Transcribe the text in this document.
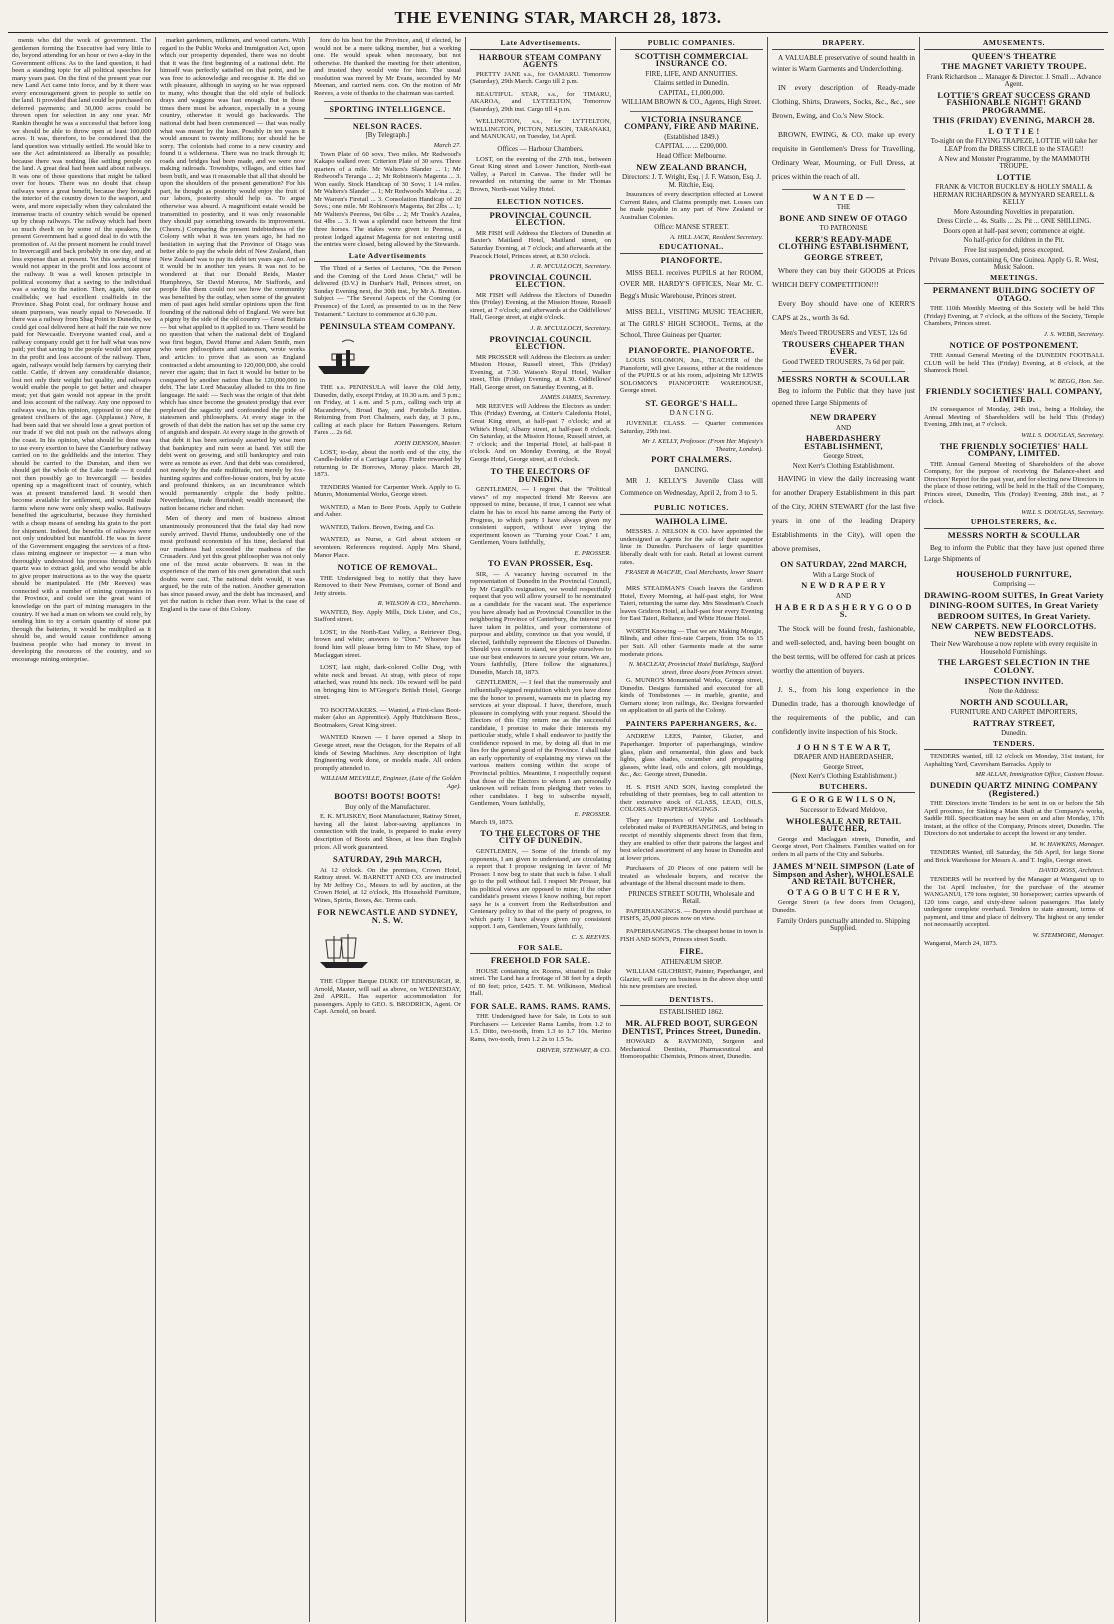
THE EVENING STAR, MARCH 28, 1873.

ments who did the work of government. The gentlemen forming the Executive had very little to do, beyond attending for an hour or two a-day in the Government offices. As to the land question, it had been a standing topic for all political speeches for many years past. On the first of the present year our new Land Act came into force, and by it there was every encouragement given to people to settle on the land. It provided that land could be purchased on deferred payments; and 30,000 acres could be thrown open for selection in any one year. Mr Rankin thought he was a successful that before long we should be able to throw open at least 100,000 acres. It was, therefore, to be considered that the land question was virtually settled. He would like to see the Act administered as liberally as possible; because there was nothing like settling people on the land. A great deal had been said about railways. It was one of those questions that might be talked over for hours. There was no doubt that cheap railways were a great benefit, because they brought the interior of the country down to the seaport, and were, and more especially when they calculated the immense tracts of country which would be opened up by cheap railways. The railway which had been so much dwelt on by some of the speakers, the present Government had a good deal to do with the promotion of. At the present moment he could travel to Invercargill and back probably in one day, and at less expense than at present. Yet this saving of time would not appear in the profit and loss account of the railway. It was a well known principle in political economy that a saving to the individual was a saving to the nation. Then, again, take our coalfields; we had excellent coalfields in the Province. Shag Point coal, for ordinary house and steam purposes, was nearly equal to Newcastle. If there was a railway from Shag Point to Dunedin, we could get coal delivered here at half the rate we now paid for Newcastle. Everyone wanted coal, and a railway company could get it for half what was now paid; yet that saving to the people would not appear in the profit and loss account of the railway. Then, again, railways would help farmers by carrying their cattle. Cattle, if driven any considerable distance, lost not only their weight but quality, and railways would enable the people to get better and cheaper meat; yet that gain would not appear in the profit and loss account of the railway. Any one opposed to railways was, in his opinion, opposed to one of the greatest civilisers of the age. (Applause.) Now, it had been said that we should lose a great portion of our trade if we did not push on the railways along the coast. In his opinion, what should be done was to use every exertion to have the Canterbury railway carried on to the goldfields and the interior. They should be carried to the Dunstan, and then we should get the whole of the Lake trade — it could not then possibly go to Invercargill — besides opening up a magnificent tract of country, which was at present transferred land. It would then become available for settlement, and would make farms where now were only sheep walks. Railways benefited the agriculturist, because they furnished with a cheap means of sending his grain to the port for shipment. Indeed, the benefits of railways were not only undoubted but manifold. He was in favor of the Government engaging the services of a first-class mining engineer or inspector — a man who thoroughly understood his process through which quartz was to extract gold, and who would be able to give proper instructions as to the way the quartz should be manipulated. He (Mr Reeves) was connected with a number of mining companies in the Province, and could see the great want of knowledge on the part of mining managers in the country. If we had a man on whom we could rely, by sending him to try a certain quantity of stone put through the batteries, it would be multiplied as it should be, and would cause confidence among business people who had money to invest in developing the resources of the country, and so encourage mining enterprise.

market gardeners, milkmen, and wood carters. With regard to the Public Works and Immigration Act, upon which our prosperity depended, there was no doubt that it was the first beginning of a national debt. He himself was perfectly satisfied on that point, and he was free to acknowledge and recognise it. He did so with pleasure, although in saying so he was opposed to many, who thought that the old style of bullock drays and waggons was fast enough. But in those times there must be advance, especially in a young country, otherwise it would go backwards. The national debt had been commenced — that was really what was meant by the loan. Possibly in ten years it would amount to twenty millions; nor should he be sorry. The colonists had come to a new country and found it a wilderness. There was no track through it; roads and bridges had been made, and we were now making railroads. Townships, villages, and cities had been built, and was it reasonable that all that should be upon the shoulders of the present generation? For his part, he thought as posterity would enjoy the fruit of our labors, posterity should help us. To argue otherwise was absurd. A magnificent estate would be transmitted to posterity, and it was only reasonable they should pay something towards its improvement. (Cheers.) Comparing the present indebtedness of the Colony with what it was ten years ago, he had no hesitation in saying that the Province of Otago was better able to pay the whole debt of New Zealand, than New Zealand was to pay its debt ten years ago. And so it would be in another ten years. It was not to be wondered at that our Donald Reids, Master Humphreys, Sir David Monros, Mr Staffords, and people like them could not see how the community was benefited by the outlay, when some of the greatest men of past ages held similar opinions upon the first founding of the national debt of England. We were but a pigmy by the side of the old country — Great Britain — but what applied to it applied to us. There would be no question that when the national debt of England was first begun, David Hume and Adam Smith, men who were philosophers and statesmen, wrote works and articles to prove that as soon as England contracted a debt amounting to 120,000,000, she could never rise again; that in fact it would be better to be conquered by another nation than be 120,000,000 in debt. The late Lord Macaulay alluded to this in fine language. He said: — Such was the origin of that debt which has since become the greatest prodigy that ever perplexed the sagacity and confounded the pride of statesmen and philosophers. At every stage in the growth of that debt the nation has set up the same cry of anguish and despair. At every stage in the growth of that debt it has been seriously asserted by wise men that bankruptcy and ruin were at hand. Yet still the debt went on growing, and still bankruptcy and ruin were as remote as ever. And that debt was considered, not merely by the rude multitude, not merely by fox-hunting squires and coffee-house orators, but by acute and profound thinkers, as an incumbrance which would permanently cripple the body politic. Nevertheless, trade flourished; wealth increased; the nation became richer and richer.

Men of theory and men of business almost unanimously pronounced that the fatal day had now surely arrived. David Hume, undoubtedly one of the most profound economists of his time, declared that our madness had exceeded the madness of the Crusaders. And yet this great philosopher was not only one of the most acute observers. It was in the experience of the men of his own generation that such doubts were cast. The national debt would, it was argued, be the ruin of the nation. Another generation has since passed away, and the debt has increased, and yet the nation is richer than ever. What is the case of England is the case of this Colony.

fore do his best for the Province, and, if elected, he would not be a mere talking member, but a working one. He would speak when necessary, but not otherwise. He thanked the meeting for their attention, and trusted they would vote for him. The usual resolution was moved by Mr Evans, seconded by Mr Meenan, and carried nem. con. On the motion of Mr Reeves, a vote of thanks to the chairman was carried.

SPORTING INTELLIGENCE.
NELSON RACES.
[By Telegraph.]
March 27.

Town Plate of 60 sovs. Two miles. Mr Redwood's Kakapo walked over. Criterion Plate of 30 sovs. Three quarters of a mile. Mr Walters's Slander ... 1; Mr Redwood's Teranga ... 2; Mr Robinson's Magenta ... 3. Won easily. Stock Handicap of 30 Sovs; 1 1/4 miles. Mr Walters's Slander ... 1; Mr Redwood's Malvina ... 2; Mr Warren's Firetail ... 3. Consolation Handicap of 20 Sovs.; one mile. Mr Robinson's Magenta, 8st 2lbs ... 1; Mr Walters's Peeress, 9st 6lbs ... 2; Mr Trask's Azalea, 6st 4lbs ... 3. It was a splendid race between the first three horses. The stakes were given to Peeress, a protest lodged against Magenta for not entering until the entries were closed, being allowed by the Stewards.

Late Advertisements

The Third of a Series of Lectures, "On the Person and the Coming of the Lord Jesus Christ," will be delivered (D.V.) in Dunbar's Hall, Princes street, on Sunday Evening next, the 30th inst., by Mr A. Brenton. Subject — "The Several Aspects of the Coming (or Presence) of the Lord, as presented to us in the New Testament." Lecture to commence at 6.30 p.m.

PENINSULA STEAM COMPANY.

THE s.s. PENINSULA will leave the Old Jetty, Dunedin, daily, except Friday, at 10.30 a.m. and 3 p.m.; on Friday, at 1 a.m. and 5 p.m., calling each trip at Macandrew's, Broad Bay, and Portobello Jetties. Returning from Port Chalmers, each day, at 3 p.m., calling at each place for Return Passengers. Return Fares ... 2s 6d.

JOHN DENSON, Master.

LOST, to-day, about the north end of the city, the Candle-holder of a Carriage Lamp. Finder rewarded by returning to Dr Borrows, Moray place. March 28, 1873.

TENDERS Wanted for Carpenter Work. Apply to G. Munro, Monumental Works, George street.

WANTED, a Man to Bore Posts. Apply to Guthrie and Asher.

WANTED, Tailors. Brown, Ewing, and Co.

WANTED, as Nurse, a Girl about sixteen or seventeen. References required. Apply Mrs Shand, Manor Place.

NOTICE OF REMOVAL.

THE Undersigned beg to notify that they have Removed to their New Premises, corner of Bond and Jetty streets.

R. WILSON & CO., Merchants.

WANTED, Boy. Apply Mills, Dick Lister, and Co., Stafford street.

LOST, in the North-East Valley, a Retriever Dog, brown and white; answers to "Don." Whoever has found him will please bring him to Mr Shaw, top of Maclaggan street.

LOST, last night, dark-colored Collie Dog, with white neck and breast. At strap, with piece of rope attached, was round his neck. 10s reward will be paid on bringing him to M'Gregor's British Hotel, George street.

TO BOOTMAKERS. — Wanted, a First-class Boot-maker (also an Apprentice). Apply Hutchinson Bros., Bootmakers, Great King street.

WANTED Known — I have opened a Shop in George street, near the Octagon, for the Repairs of all kinds of Sewing Machines. Any description of light Engineering work done, or models made. All orders promptly attended to.

WILLIAM MELVILLE, Engineer, (Late of the Golden Age).
BOOTS! BOOTS! BOOTS!
Buy only of the Manufacturer.

E. K. M'LISKEY, Boot Manufacturer, Rattray Street, having all the latest labor-saving appliances in connection with the trade, is prepared to make every description of Boots and Shoes, at less than English prices. All work guaranteed.

SATURDAY, 29th MARCH,

At 12 o'clock. On the premises, Crown Hotel, Rattray street. W. BARNETT AND CO. are instructed by Mr Jeffrey Co., Messrs to sell by auction, at the Crown Hotel, at 12 o'clock, His Household Furniture, Wines, Spirits, Boxes, &c. Terms cash.

FOR NEWCASTLE AND SYDNEY, N. S. W.

THE Clipper Barque DUKE OF EDINBURGH, R. Arnold, Master, will sail as above, on WEDNESDAY, 2nd APRIL. Has superior accommodation for passengers. Apply to GEO. S. BRODRICK, Agent. Or Capt. Arnold, on board.

Late Advertisements.
HARBOUR STEAM COMPANY AGENTS

PRETTY JANE s.s., for OAMARU. Tomorrow (Saturday), 29th March. Cargo till 2 p.m.

BEAUTIFUL STAR, s.s., for TIMARU, AKAROA, and LYTTELTON, Tomorrow (Saturday), 29th inst. Cargo till 4 p.m.

WELLINGTON, s.s., for LYTTELTON, WELLINGTON, PICTON, NELSON, TARANAKI, and MANUKAU, on Tuesday, 1st April.

Offices — Harbour Chambers.

LOST, on the evening of the 27th inst., between Great King street and Lower Junction, North-east Valley, a Parcel in Canvas. The finder will be rewarded on returning the same to Mr Thomas Brown, North-east Valley Hotel.

ELECTION NOTICES.
PROVINCIAL COUNCIL ELECTION.

MR FISH will Address the Electors of Dunedin at Baxter's Maitland Hotel, Maitland street, on Saturday Evening, at 7 o'clock; and afterwards at the Peacock Hotel, Princes street, at 8.30 o'clock.

J. R. M'CULLOCH, Secretary.
PROVINCIAL COUNCIL ELECTION.

MR FISH will Address the Electors of Dunedin this (Friday) Evening, at the Mission House, Russell street, at 7 o'clock; and afterwards at the Oddfellows' Hall, George street, at eight o'clock.

J. R. M'CULLOCH, Secretary.
PROVINCIAL COUNCIL ELECTION.

MR PROSSER will Address the Electors as under: Mission House, Russell street, This (Friday) Evening, at 7.30. Watson's Royal Hotel, Walker street, This (Friday) Evening, at 8.30. Oddfellows' Hall, George street, on Saturday Evening, at 8.

JAMES JAMES, Secretary.

MR REEVES will Address the Electors as under: This (Friday) Evening, at Cotter's Caledonia Hotel, Great King street, at half-past 7 o'clock; and at White's Hotel, Albany street, at half-past 8 o'clock. On Saturday, at the Mission House, Russell street, at 7 o'clock; and the Imperial Hotel, at half-past 8 o'clock. And on Monday Evening, at the Royal George Hotel, George street, at 8 o'clock.

TO THE ELECTORS OF DUNEDIN.

GENTLEMEN, — I regret that the "Political views" of my respected friend Mr Reeves are opposed to mine, because, if true, I cannot see what claim he has to excel his name among the Party of Progress, to which party I have always given my consistent support, without ever trying the experiment known as "Turning your Coat." I am, Gentlemen, Yours faithfully,

E. PROSSER.
TO EVAN PROSSER, Esq.

SIR, — A vacancy having occurred in the representation of Dunedin in the Provincial Council, by Mr Cargill's resignation, we would respectfully request that you will allow yourself to be nominated as a candidate for the vacant seat. The experience you have already had as Provincial Councillor in the neighboring Province of Canterbury, the interest you have taken in politics, and your cornerstone of purpose and ability, convince us that you would, if elected, faithfully represent the Electors of Dunedin. Should you consent to stand, we pledge ourselves to use our best endeavors to secure your return. We are, Yours faithfully, [Here follow the signatures.] Dunedin, March 18, 1873.

GENTLEMEN, — I feel that the numerously and influentially-signed requisition which you have done me the honor to present, warrants me in placing my services at your disposal. I have, therefore, much pleasure in complying with your request. Should the Electors of this City return me as the successful candidate, I promise to make their interests my particular study, while I shall endeavor to justify the confidence reposed in me, by doing all that in me lies for the general good of the Province. I shall take an early opportunity of explaining my views on the various matters coming within the scope of Provincial politics. Meantime, I respectfully request that those of the Electors to whom I am personally unknown will refrain from pledging their votes to other candidates. I beg to subscribe myself, Gentlemen, Yours faithfully,

E. PROSSER.
March 19, 1873.
TO THE ELECTORS OF THE CITY OF DUNEDIN.

GENTLEMEN, — Some of the friends of my opponents, I am given to understand, are circulating a report that I propose resigning in favor of Mr Prosser. I now beg to state that such is false. I shall go to the poll without fail. I respect Mr Prosser, but his political views are opposed to mine; if the other candidate's present views I know nothing, but report says he is a convert from the Redistribution and Centenary policy to that of the party of progress, to which party I have always given my consistent support. I am, Gentlemen, Yours faithfully,

C. S. REEVES.
FOR SALE.
FREEHOLD FOR SALE.

HOUSE containing six Rooms, situated in Duke street. The Land has a frontage of 38 feet by a depth of 80 feet; price, £425. T. M. Wilkinson, Medical Hall.

FOR SALE. RAMS. RAMS. RAMS.

THE Undersigned have for Sale, in Lots to suit Purchasers — Leicester Rams Lambs, from 1.2 to 1.5. Ditto, two-tooth, from 1.3 to 1.7 10s. Merino Rams, two-tooth, from 1.2 2s to 1.5 5s.

DRIVER, STEWART, & CO.
PUBLIC COMPANIES.
SCOTTISH COMMERCIAL INSURANCE CO.
FIRE, LIFE, AND ANNUITIES.
Claims settled in Dunedin.
CAPITAL, £1,000,000.
WILLIAM BROWN & CO., Agents, High Street.
VICTORIA INSURANCE COMPANY, FIRE AND MARINE.
(Established 1849.)
CAPITAL ... ... £200,000.
Head Office: Melbourne.
NEW ZEALAND BRANCH,
Directors: J. T. Wright, Esq. | J. F. Watson, Esq. J. M. Ritchie, Esq.

Insurances of every description effected at Lowest Current Rates, and Claims promptly met. Losses can be made payable in any part of New Zealand or Australian Colonies.

Office: MANSE STREET.
A. HILL JACK, Resident Secretary.
EDUCATIONAL.
PIANOFORTE.

MISS BELL receives PUPILS at her ROOM, OVER MR. HARDY'S OFFICES, Near Mr. C. Begg's Music Warehouse, Princes street.

MISS BELL, VISITING MUSIC TEACHER, at The GIRLS' HIGH SCHOOL. Terms, at the School, Three Guineas per Quarter.

PIANOFORTE. PIANOFORTE.

LOUIS SOLOMON, Jun., TEACHER of the Pianoforte, will give Lessons, either at the residences of the PUPILS or at his room, adjoining Mr LEWIS SOLOMON'S PIANOFORTE WAREHOUSE, George street.

ST. GEORGE'S HALL.
D A N C I N G.

JUVENILE CLASS. — Quarter commences Saturday, 29th inst.

Mr J. KELLY, Professor. (From Her Majesty's Theatre, London).
PORT CHALMERS.
DANCING.

MR J. KELLY'S Juvenile Class will Commence on Wednesday, April 2, from 3 to 5.

PUBLIC NOTICES.
WAIHOLA LIME.

MESSRS. J. NELSON & CO. have appointed the undersigned as Agents for the sale of their superior lime in Dunedin. Purchasers of large quantities liberally dealt with for cash. Retail at lowest current rates.

FRASER & MACFIE, Coal Merchants, lower Stuart street.

MRS STEADMAN'S Coach leaves the Gridiron Hotel, Every Morning, at half-past eight, for West Taieri, returning the same day. Mrs Steadman's Coach leaves Gridiron Hotel, at half-past four every Evening for East Taieri, Reliance, and White House Hotel.

WORTH Knowing — That we are Making Mongie, Blinds, and other first-rate Carpets, from 15s to 15 per Suit. All other Garments made at the same moderate prices.

N. MACLEAY, Provincial Hotel Buildings, Stafford street, three doors from Princes street.

G. MUNRO'S Monumental Works, George street, Dunedin. Designs furnished and executed for all kinds of Tombstones — in marble, granite, and Oamaru stone; iron railings, &c. Designs forwarded on application to all parts of the Colony.

PAINTERS PAPERHANGERS, &c.

ANDREW LEES, Painter, Glazier, and Paperhanger. Importer of paperhangings, window glass, plain and ornamental, thin glass and back lights, glass shades, cucumber and propagating glasses, white lead, oils and colors, gilt mouldings, &c., &c. George street, Dunedin.

H. S. FISH AND SON, having completed the rebuilding of their premises, beg to call attention to their extensive stock of GLASS, LEAD, OILS, COLORS AND PAPERHANGINGS.

They are Importers of Wylie and Lochhead's celebrated make of PAPERHANGINGS, and being in receipt of monthly shipments direct from that firm, they are enabled to offer their patrons the largest and best selected assortment of any house in Dunedin and at lower prices.

Purchasers of 20 Pieces of one pattern will be treated as wholesale buyers, and receive the advantage of the liberal discount made to them.

PRINCES STREET SOUTH, Wholesale and Retail.

PAPERHANGINGS. — Buyers should purchase at FISH'S, 25,000 pieces now on view.

PAPERHANGINGS. The cheapest house in town is FISH AND SON'S, Princes street South.

FIRE.
ATHENÆUM SHOP.

WILLIAM GILCHRIST, Painter, Paperhanger, and Glazier, will carry on business in the above shop until his new premises are erected.

DENTISTS.
ESTABLISHED 1862.
MR. ALFRED BOOT, SURGEON DENTIST, Princes Street, Dunedin.

HOWARD & RAYMOND, Surgeon and Mechanical Dentists, Pharmaceutical and Homoeopathic Chemists, Princes street, Dunedin.

DRAPERY.

A VALUABLE preservative of sound health in winter is Warm Garments and Underclothing.

IN every description of Ready-made Clothing, Shirts, Drawers, Socks, &c., &c., see Brown, Ewing, and Co.'s New Stock.

BROWN, EWING, & CO. make up every requisite in Gentlemen's Dress for Travelling, Ordinary Wear, Mourning, or Full Dress, at prices within the reach of all.

W A N T E D —
THE
BONE AND SINEW OF OTAGO
TO PATRONISE
KERR'S READY-MADE CLOTHING ESTABLISHMENT,
GEORGE STREET,

Where they can buy their GOODS at Prices WHICH DEFY COMPETITION!!!

Every Boy should have one of KERR'S CAPS at 2s., worth 3s 6d.

Men's Tweed TROUSERS and VEST, 12s 6d
TROUSERS CHEAPER THAN EVER.
Good TWEED TROUSERS, 7s 6d per pair.
MESSRS NORTH & SCOULLAR

Beg to inform the Public that they have just opened three Large Shipments of

NEW DRAPERY
AND
HABERDASHERY ESTABLISHMENT,
George Street,
Next Kerr's Clothing Establishment.

HAVING in view the daily increasing want for another Drapery Establishment in this part of the City, JOHN STEWART (for the last five years in one of the leading Drapery Establishments in the City), will open the above premises,

ON SATURDAY, 22nd MARCH,
With a Large Stock of
N E W D R A P E R Y
AND
H A B E R D A S H E R Y G O O D S.

The Stock will be found fresh, fashionable, and well-selected, and, having been bought on the best terms, will be offered for cash at prices worthy the attention of buyers.

J. S., from his long experience in the Dunedin trade, has a thorough knowledge of the requirements of the public, and can confidently invite inspection of his Stock.

J O H N S T E W A R T,
DRAPER AND HABERDASHER,
George Street,
(Next Kerr's Clothing Establishment.)
BUTCHERS.
G E O R G E W I L S O N,
Successor to Edward Meldove,
WHOLESALE AND RETAIL BUTCHER,

George and Maclaggan streets, Dunedin, and George street, Port Chalmers. Families waited on for orders in all parts of the City and Suburbs.

JAMES M'NEIL SIMPSON (Late of Simpson and Asher), WHOLESALE AND RETAIL BUTCHER,
O T A G O B U T C H E R Y,

George Street (a few doors from Octagon), Dunedin.

Family Orders punctually attended to. Shipping Supplied.
AMUSEMENTS.
QUEEN'S THEATRE
THE MAGNET VARIETY TROUPE.
Frank Richardson ... Manager & Director. J. Small ... Advance Agent.
LOTTIE'S GREAT SUCCESS GRAND FASHIONABLE NIGHT! GRAND PROGRAMME.
THIS (FRIDAY) EVENING, MARCH 28.
L O T T I E !
To-night on the FLYING TRAPEZE, LOTTIE will take her LEAP from the DRESS CIRCLE to the STAGE!!
A New and Monster Programme, by the MAMMOTH TROUPE.
LOTTIE
FRANK & VICTOR BUCKLEY & HOLLY SMALL & HERMAN RICHARDSON & MYNYARD SEARELL & KELLY
More Astounding Novelties in preparation.
Dress Circle ... 4s. Stalls ... 2s. Pit ... ONE SHILLING.
Doors open at half-past seven; commence at eight.
No half-price for children in the Pit.
Free list suspended, press excepted.
Private Boxes, containing 6, One Guinea. Apply G. R. West, Music Saloon.
MEETINGS.
PERMANENT BUILDING SOCIETY OF OTAGO.

THE 110th Monthly Meeting of this Society will be held This (Friday) Evening, at 7 o'clock, at the offices of the Society, Temple Chambers, Princes street.

J. S. WEBB, Secretary.
NOTICE OF POSTPONEMENT.

THE Annual General Meeting of the DUNEDIN FOOTBALL CLUB will be held This (Friday) Evening, at 8 o'clock, at the Shamrock Hotel.

W. BEGG, Hon. Sec.
FRIENDLY SOCIETIES' HALL COMPANY, LIMITED.

IN consequence of Monday, 24th inst., being a Holiday, the Annual Meeting of Shareholders will be held This (Friday) Evening, 28th inst, at 7 o'clock.

WILL S. DOUGLAS, Secretary.
THE FRIENDLY SOCIETIES' HALL COMPANY, LIMITED.

THE Annual General Meeting of Shareholders of the above Company, for the purpose of receiving the Balance-sheet and Directors' Report for the past year, and for electing new Directors in the place of those retiring, will be held in the Hall of the Company, Princes street, Dunedin, This (Friday) Evening, 28th inst., at 7 o'clock.

WILL S. DOUGLAS, Secretary.
UPHOLSTERERS, &c.
MESSRS NORTH & SCOULLAR

Beg to inform the Public that they have just opened three Large Shipments of

HOUSEHOLD FURNITURE,
Comprising —
DRAWING-ROOM SUITES, In Great Variety
DINING-ROOM SUITES, In Great Variety
BEDROOM SUITES, In Great Variety.
NEW CARPETS. NEW FLOORCLOTHS. NEW BEDSTEADS.
Their New Warehouse a now replete with every requisite in Household Furnishings.
THE LARGEST SELECTION IN THE COLONY.
INSPECTION INVITED.
Note the Address:
NORTH AND SCOULLAR,
FURNITURE AND CARPET IMPORTERS,
RATTRAY STREET,
Dunedin.
TENDERS.

TENDERS wanted, till 12 o'clock on Monday, 31st instant, for Asphalting Yard, Caversham Barracks. Apply to

MR ALLAN, Immigration Office, Custom House.
DUNEDIN QUARTZ MINING COMPANY (Registered.)

THE Directors invite Tenders to be sent in on or before the 5th April proximo, for Sinking a Main Shaft at the Company's works, Saddle Hill. Specification may be seen on and after Monday, 17th instant, at the office of the Company, Princes street, Dunedin. The Directors do not undertake to accept the lowest or any tender.

M. W. HAWKINS, Manager.

TENDERS Wanted, till Saturday, the 5th April, for large Stone and Brick Warehouse for Messrs A. and T. Inglis, George street.

DAVID ROSS, Architect.

TENDERS will be received by the Manager at Wanganui up to the 1st April inclusive, for the purchase of the steamer WANGANUI, 179 tons register, 30 horsepower; carries upwards of 120 tons cargo, and sixty-three saloon passengers. Has lately undergone complete overhaul. Tenders to state amount, terms of payment, and time and place of delivery. The highest or any tender not necessarily accepted.

W. STEMMORE, Manager.
Wanganui, March 24, 1873.
